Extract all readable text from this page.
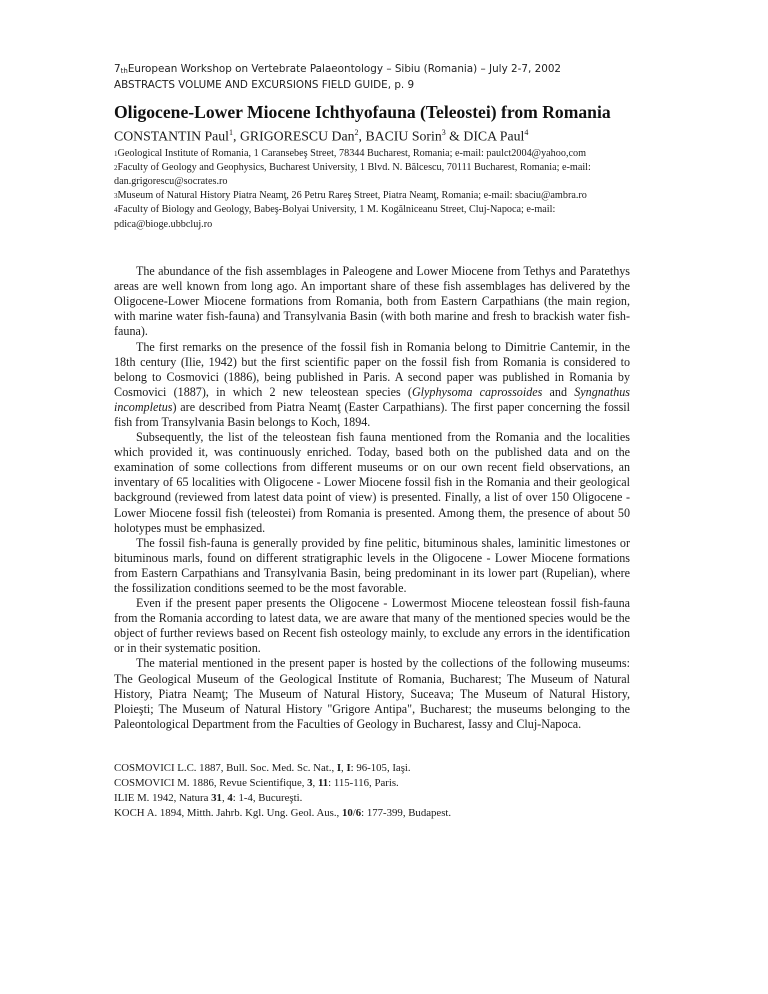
$7_{th}European$ Workshop on Vertebrate Palaeontology – Sibiu (Romania) – July 2-7, 2002
ABSTRACTS VOLUME AND EXCURSIONS FIELD GUIDE, p. 9
Oligocene-Lower Miocene Ichthyofauna (Teleostei) from Romania
CONSTANTIN Paul$^1$, GRIGORESCU Dan$^2$, BACIU Sorin$^3$ & DICA Paul$^4$

1Geological Institute of Romania, 1 Caransebeş Street, 78344 Bucharest, Romania; e-mail: paulct2004@yahoo,com

2Faculty of Geology and Geophysics, Bucharest University, 1 Blvd. N. Bălcescu, 70111 Bucharest, Romania; e-mail: dan.grigorescu@socrates.ro

3Museum of Natural History Piatra Neamţ, 26 Petru Rareş Street, Piatra Neamţ, Romania; e-mail: sbaciu@ambra.ro

4Faculty of Biology and Geology, Babeş-Bolyai University, 1 M. Kogălniceanu Street, Cluj-Napoca; e-mail: pdica@bioge.ubbcluj.ro

The abundance of the fish assemblages in Paleogene and Lower Miocene from Tethys and Paratethys areas are well known from long ago. An important share of these fish assemblages has delivered by the Oligocene-Lower Miocene formations from Romania, both from Eastern Carpathians (the main region, with marine water fish-fauna) and Transylvania Basin (with both marine and fresh to brackish water fish-fauna).

The first remarks on the presence of the fossil fish in Romania belong to Dimitrie Cantemir, in the 18th century (Ilie, 1942) but the first scientific paper on the fossil fish from Romania is considered to belong to Cosmovici (1886), being published in Paris. A second paper was published in Romania by Cosmovici (1887), in which 2 new teleostean species (Glyphysoma caprossoides and Syngnathus incompletus) are described from Piatra Neamţ (Easter Carpathians). The first paper concerning the fossil fish from Transylvania Basin belongs to Koch, 1894.

Subsequently, the list of the teleostean fish fauna mentioned from the Romania and the localities which provided it, was continuously enriched. Today, based both on the published data and on the examination of some collections from different museums or on our own recent field observations, an inventary of 65 localities with Oligocene - Lower Miocene fossil fish in the Romania and their geological background (reviewed from latest data point of view) is presented. Finally, a list of over 150 Oligocene - Lower Miocene fossil fish (teleostei) from Romania is presented. Among them, the presence of about 50 holotypes must be emphasized.

The fossil fish-fauna is generally provided by fine pelitic, bituminous shales, laminitic limestones or bituminous marls, found on different stratigraphic levels in the Oligocene - Lower Miocene formations from Eastern Carpathians and Transylvania Basin, being predominant in its lower part (Rupelian), where the fossilization conditions seemed to be the most favorable.

Even if the present paper presents the Oligocene - Lowermost Miocene teleostean fossil fish-fauna from the Romania according to latest data, we are aware that many of the mentioned species would be the object of further reviews based on Recent fish osteology mainly, to exclude any errors in the identification or in their systematic position.

The material mentioned in the present paper is hosted by the collections of the following museums: The Geological Museum of the Geological Institute of Romania, Bucharest; The Museum of Natural History, Piatra Neamţ; The Museum of Natural History, Suceava; The Museum of Natural History, Ploieşti; The Museum of Natural History "Grigore Antipa", Bucharest; the museums belonging to the Paleontological Department from the Faculties of Geology in Bucharest, Iassy and Cluj-Napoca.

COSMOVICI L.C. 1887, Bull. Soc. Med. Sc. Nat., I, I: 96-105, Iaşi.

COSMOVICI M. 1886, Revue Scientifique, 3, 11: 115-116, Paris.

ILIE M. 1942, Natura 31, 4: 1-4, Bucureşti.

KOCH A. 1894, Mitth. Jahrb. Kgl. Ung. Geol. Aus., 10/6: 177-399, Budapest.
